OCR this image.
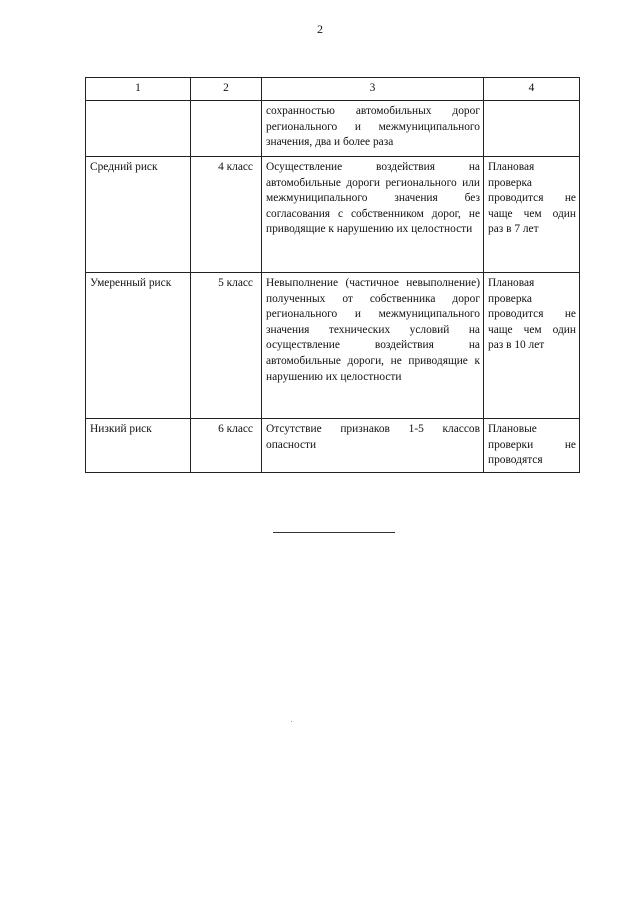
2
1	2	3	4
		сохранностью автомобильных дорог регионального и межмуниципального значения, два и более раза	
Средний риск	4 класс	Осуществление воздействия на автомобильные дороги регионального или межмуниципального значения без согласования с собственником дорог, не приводящие к нарушению их целостности	Плановая проверка проводится не чаще чем один раз в 7 лет
Умеренный риск	5 класс	Невыполнение (частичное невыполнение) полученных от собственника дорог регионального и межмуниципального значения технических условий на осуществление воздействия на автомобильные дороги, не приводящие к нарушению их целостности	Плановая проверка проводится не чаще чем один раз в 10 лет
Низкий риск	6 класс	Отсутствие признаков 1-5 классов опасности	Плановые проверки не проводятся
